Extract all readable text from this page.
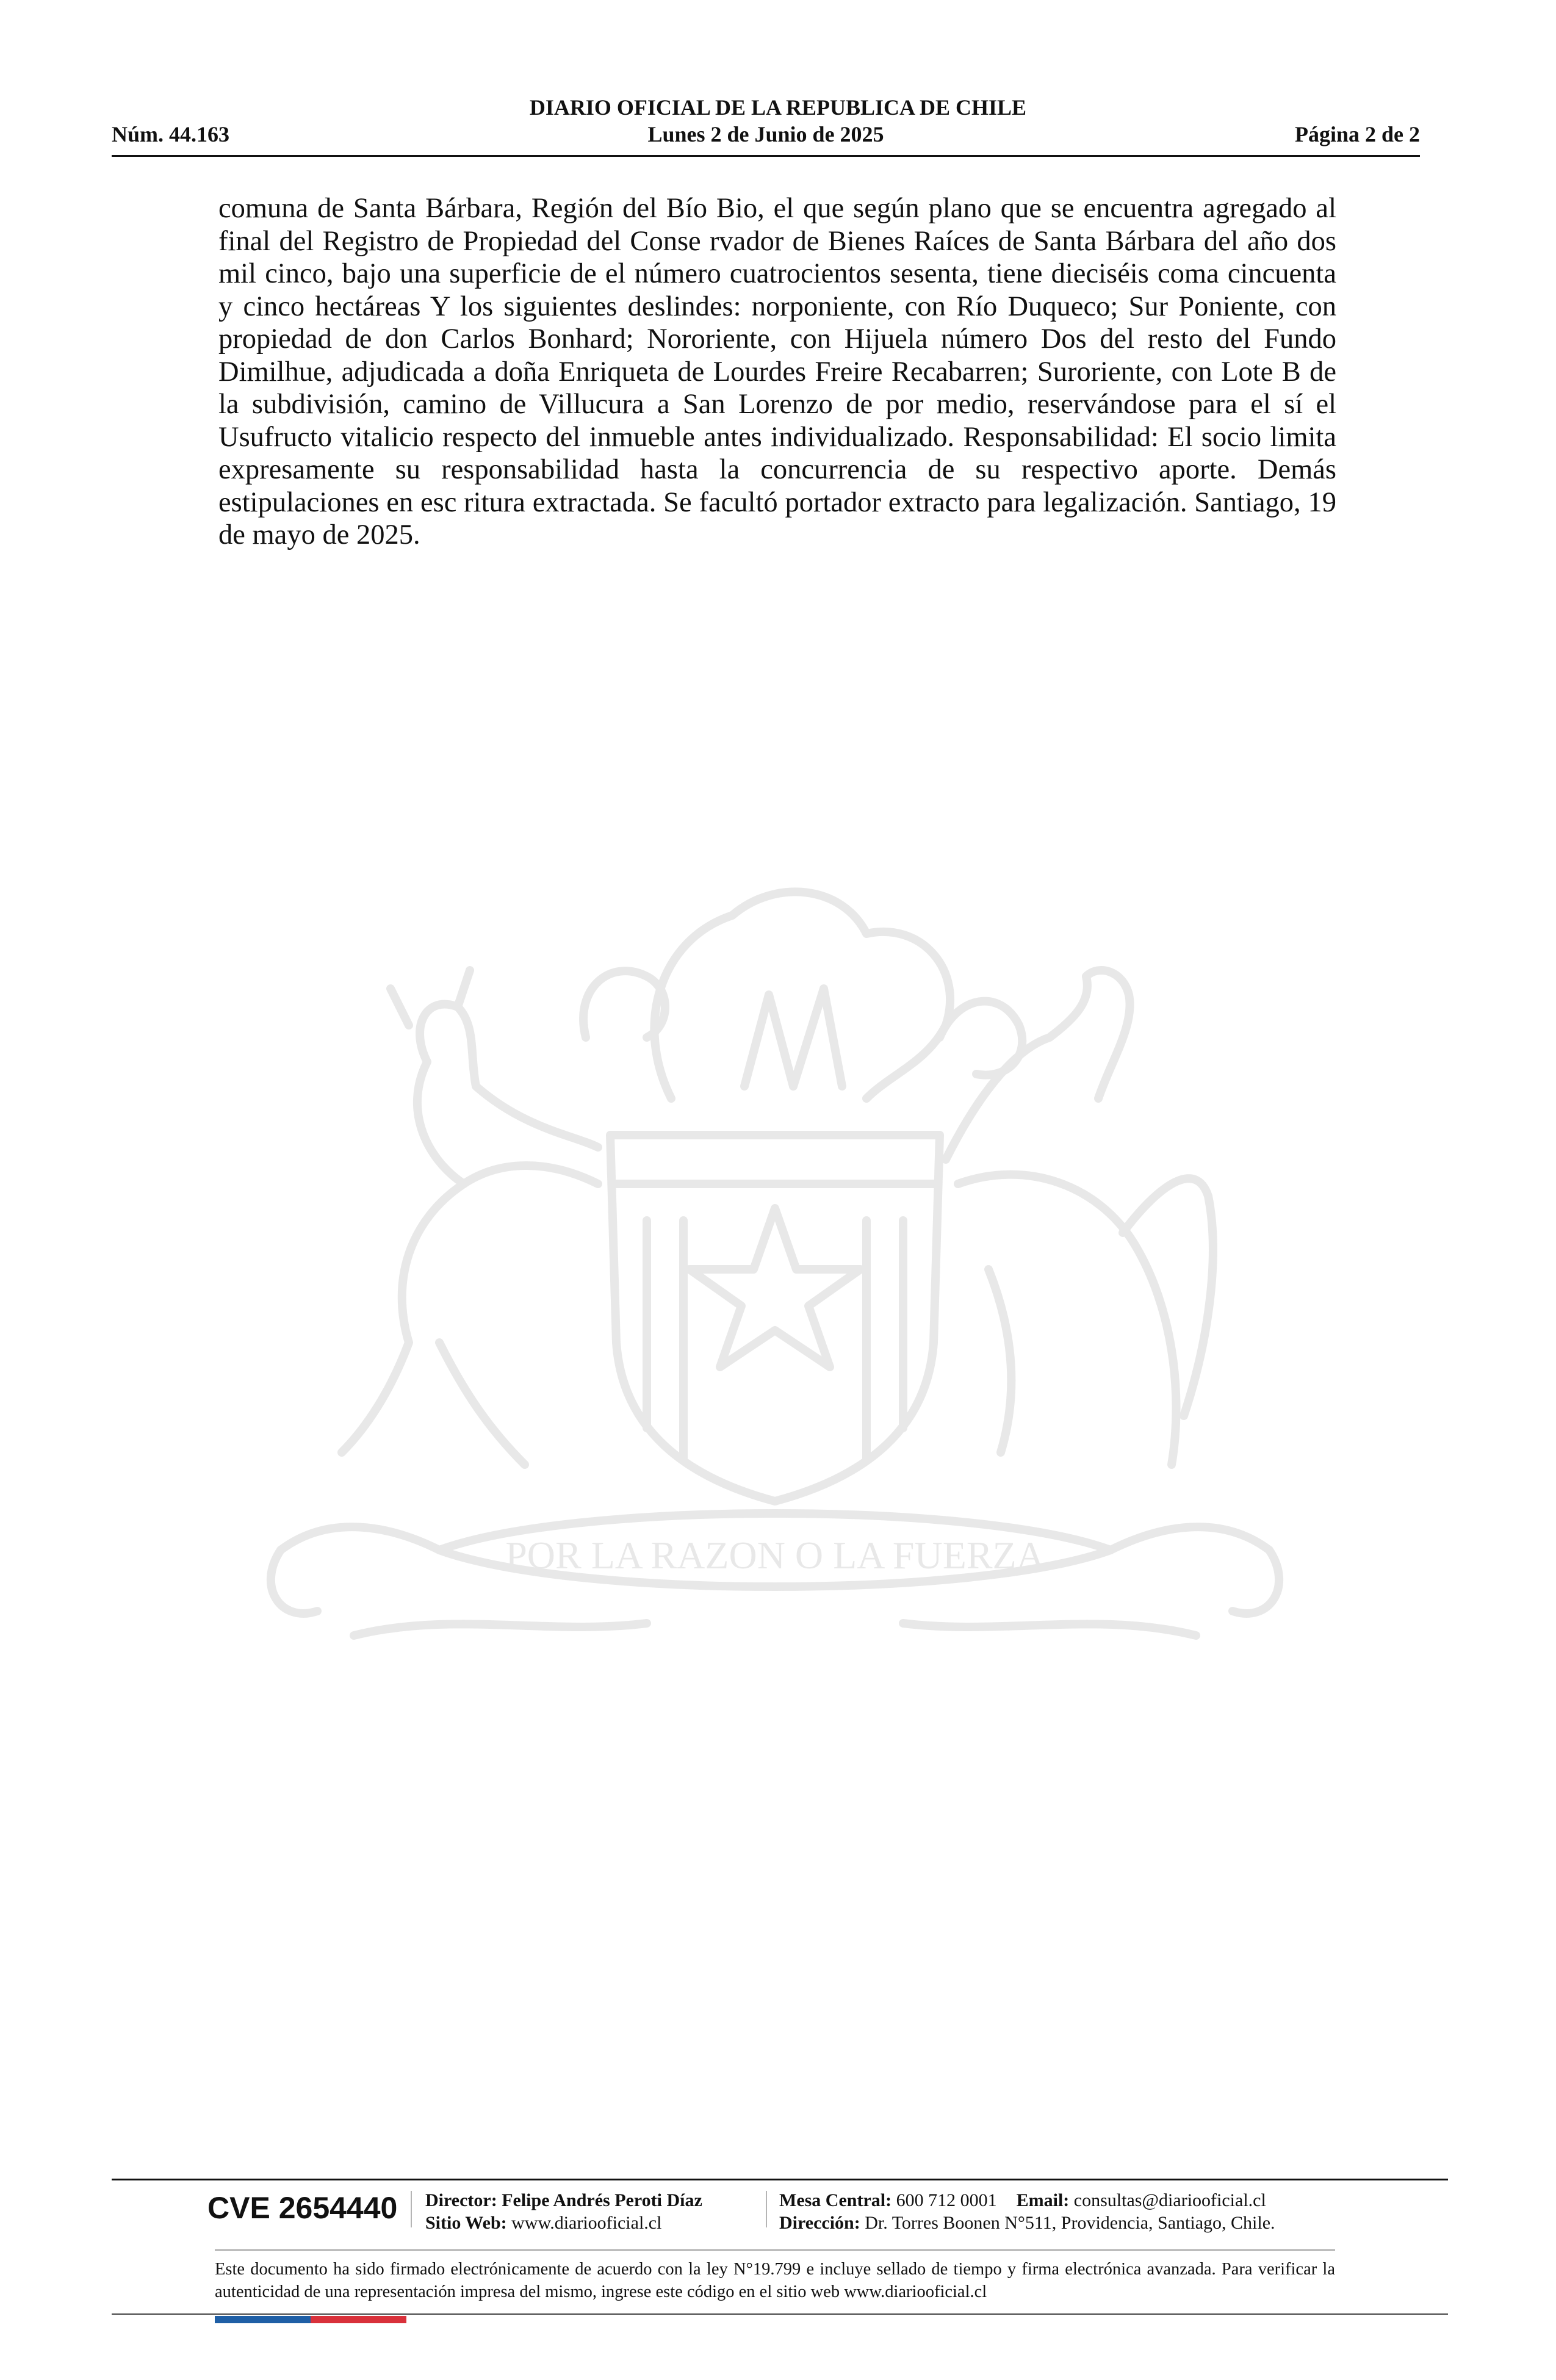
DIARIO OFICIAL DE LA REPUBLICA DE CHILE
Núm. 44.163	Lunes 2 de Junio de 2025	Página 2 de 2
POR LA RAZON O LA FUERZA

comuna de Santa Bárbara, Región del Bío Bio, el que según plano que se encuentra agregado al final del Registro de Propiedad del Conse rvador de Bienes Raíces de Santa Bárbara del año dos mil cinco, bajo una superficie de el número cuatrocientos sesenta, tiene dieciséis coma cincuenta y cinco hectáreas Y los siguientes deslindes: norponiente, con Río Duqueco; Sur Poniente, con propiedad de don Carlos Bonhard; Nororiente, con Hijuela número Dos del resto del Fundo Dimilhue, adjudicada a doña Enriqueta de Lourdes Freire Recabarren; Suroriente, con Lote B de la subdivisión, camino de Villucura a San Lorenzo de por medio, reservándose para el sí el Usufructo vitalicio respecto del inmueble antes individualizado. Responsabilidad: El socio limita expresamente su responsabilidad hasta la concurrencia de su respectivo aporte. Demás estipulaciones en esc ritura extractada. Se facultó portador extracto para legalización. Santiago, 19 de mayo de 2025.

CVE 2654440 Director: Felipe Andrés Peroti Díaz
Sitio Web: www.diariooficial.cl
Mesa Central: 600 712 0001 Email: consultas@diariooficial.cl
Dirección: Dr. Torres Boonen N°511, Providencia, Santiago, Chile.

Este documento ha sido firmado electrónicamente de acuerdo con la ley N°19.799 e incluye sellado de tiempo y firma electrónica avanzada. Para verificar la autenticidad de una representación impresa del mismo, ingrese este código en el sitio web www.diariooficial.cl
